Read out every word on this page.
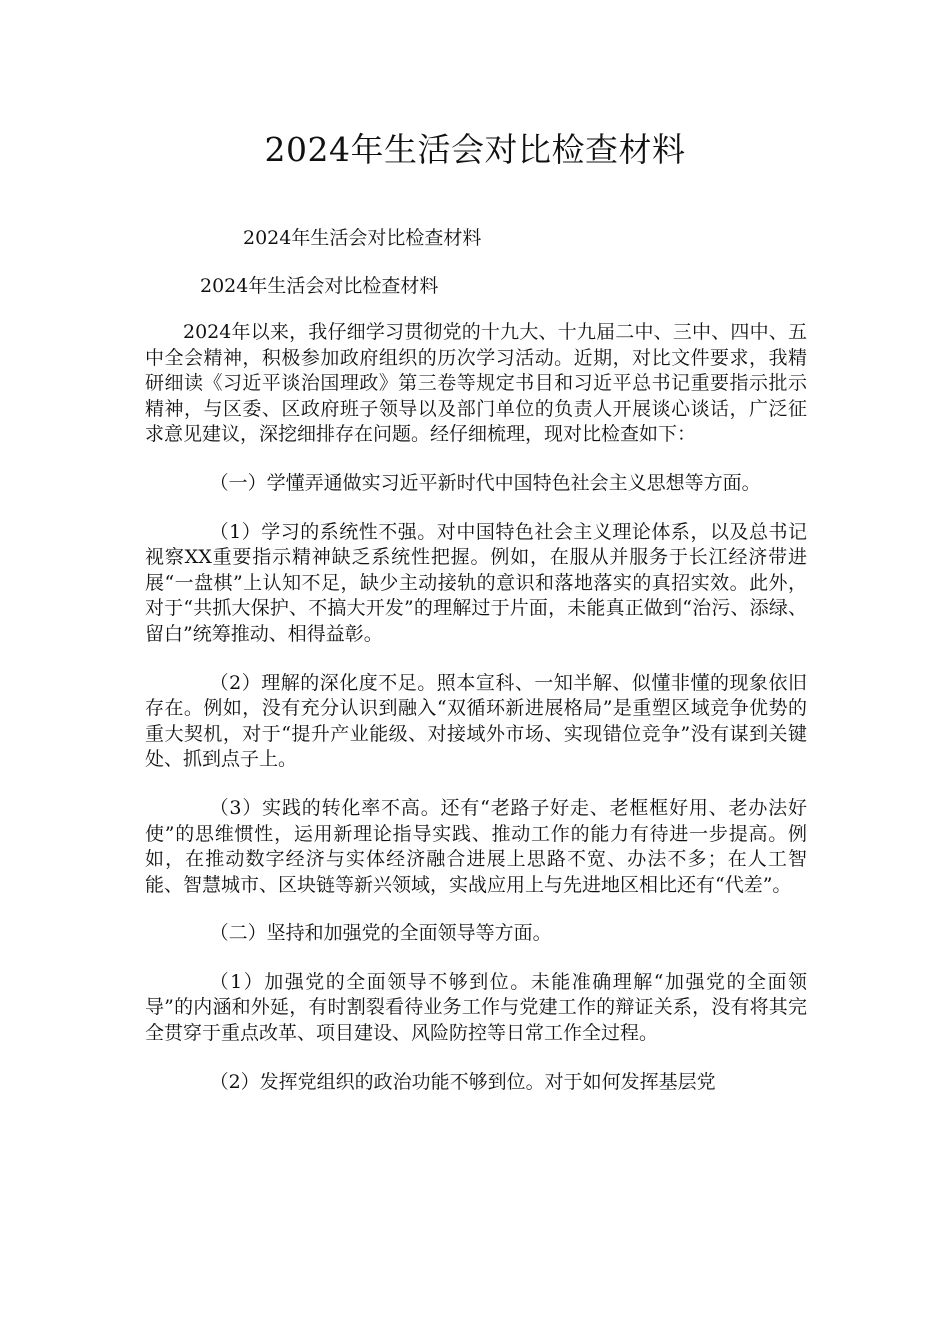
2024年生活会对比检查材料
2024年生活会对比检查材料
2024年生活会对比检查材料

2024年以来，我仔细学习贯彻党的十九大、十九届二中、三中、四中、五中全会精神，积极参加政府组织的历次学习活动。近期，对比文件要求，我精研细读《习近平谈治国理政》第三卷等规定书目和习近平总书记重要指示批示精神，与区委、区政府班子领导以及部门单位的负责人开展谈心谈话，广泛征求意见建议，深挖细排存在问题。经仔细梳理，现对比检查如下：

（一）学懂弄通做实习近平新时代中国特色社会主义思想等方面。

（1）学习的系统性不强。对中国特色社会主义理论体系，以及总书记视察XX重要指示精神缺乏系统性把握。例如，在服从并服务于长江经济带进展“一盘棋”上认知不足，缺少主动接轨的意识和落地落实的真招实效。此外，对于“共抓大保护、不搞大开发”的理解过于片面，未能真正做到“治污、添绿、留白”统筹推动、相得益彰。

（2）理解的深化度不足。照本宣科、一知半解、似懂非懂的现象依旧存在。例如，没有充分认识到融入“双循环新进展格局”是重塑区域竞争优势的重大契机，对于“提升产业能级、对接域外市场、实现错位竞争”没有谋到关键处、抓到点子上。

（3）实践的转化率不高。还有“老路子好走、老框框好用、老办法好使”的思维惯性，运用新理论指导实践、推动工作的能力有待进一步提高。例如，在推动数字经济与实体经济融合进展上思路不宽、办法不多；在人工智能、智慧城市、区块链等新兴领域，实战应用上与先进地区相比还有“代差”。

（二）坚持和加强党的全面领导等方面。

（1）加强党的全面领导不够到位。未能准确理解“加强党的全面领导”的内涵和外延，有时割裂看待业务工作与党建工作的辩证关系，没有将其完全贯穿于重点改革、项目建设、风险防控等日常工作全过程。

（2）发挥党组织的政治功能不够到位。对于如何发挥基层党
